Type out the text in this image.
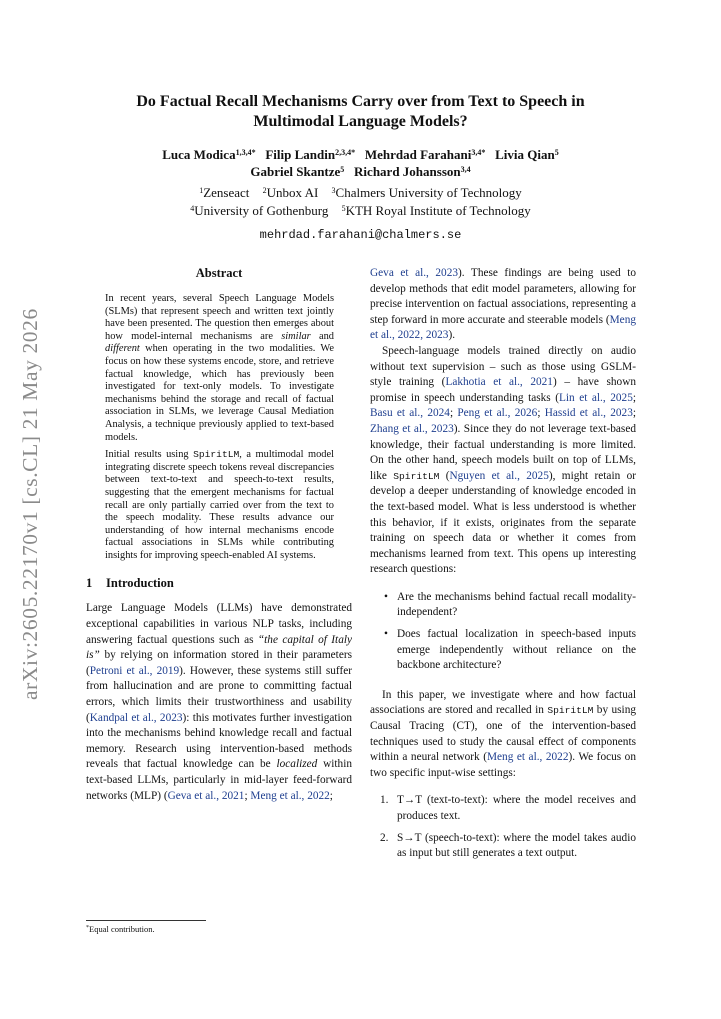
arXiv:2605.22170v1 [cs.CL] 21 May 2026
Do Factual Recall Mechanisms Carry over from Text to Speech in
Multimodal Language Models?
Luca Modica$^{1,3,4*}$ Filip Landin$^{2,3,4*}$ Mehrdad Farahani$^{3,4*}$ Livia Qian$^5$
Gabriel Skantze$^5$ Richard Johansson$^{3,4}$
$^1$Zenseact $^2$Unbox AI $^3$Chalmers University of Technology
$^4$University of Gothenburg $^5$KTH Royal Institute of Technology
mehrdad.farahani@chalmers.se
Abstract

In recent years, several Speech Language Models (SLMs) that represent speech and written text jointly have been presented. The question then emerges about how model-internal mechanisms are similar and different when operating in the two modalities. We focus on how these systems encode, store, and retrieve factual knowledge, which has previously been investigated for text-only models. To investigate mechanisms behind the storage and recall of factual association in SLMs, we leverage Causal Mediation Analysis, a technique previously applied to text-based models.

Initial results using SpiritLM, a multimodal model integrating discrete speech tokens reveal discrepancies between text-to-text and speech-to-text results, suggesting that the emergent mechanisms for factual recall are only partially carried over from the text to the speech modality. These results advance our understanding of how internal mechanisms encode factual associations in SLMs while contributing insights for improving speech-enabled AI systems.

1 Introduction

Large Language Models (LLMs) have demonstrated exceptional capabilities in various NLP tasks, including answering factual questions such as “the capital of Italy is” by relying on information stored in their parameters (Petroni et al., 2019). However, these systems still suffer from hallucination and are prone to committing factual errors, which limits their trustworthiness and usability (Kandpal et al., 2023): this motivates further investigation into the mechanisms behind knowledge recall and factual memory. Research using intervention-based methods reveals that factual knowledge can be localized within text-based LLMs, particularly in mid-layer feed-forward networks (MLP) (Geva et al., 2021; Meng et al., 2022;

Geva et al., 2023). These findings are being used to develop methods that edit model parameters, allowing for precise intervention on factual associations, representing a step forward in more accurate and steerable models (Meng et al., 2022, 2023).

Speech-language models trained directly on audio without text supervision – such as those using GSLM-style training (Lakhotia et al., 2021) – have shown promise in speech understanding tasks (Lin et al., 2025; Basu et al., 2024; Peng et al., 2026; Hassid et al., 2023; Zhang et al., 2023). Since they do not leverage text-based knowledge, their factual understanding is more limited. On the other hand, speech models built on top of LLMs, like SpiritLM (Nguyen et al., 2025), might retain or develop a deeper understanding of knowledge encoded in the text-based model. What is less understood is whether this behavior, if it exists, originates from the separate training on speech data or whether it comes from mechanisms learned from text. This opens up interesting research questions:

• Are the mechanisms behind factual recall modality-independent?
• Does factual localization in speech-based inputs emerge independently without reliance on the backbone architecture?

In this paper, we investigate where and how factual associations are stored and recalled in SpiritLM by using Causal Tracing (CT), one of the intervention-based techniques used to study the causal effect of components within a neural network (Meng et al., 2022). We focus on two specific input-wise settings:

1. T→T (text-to-text): where the model receives and produces text.
2. S→T (speech-to-text): where the model takes audio as input but still generates a text output.
*Equal contribution.
